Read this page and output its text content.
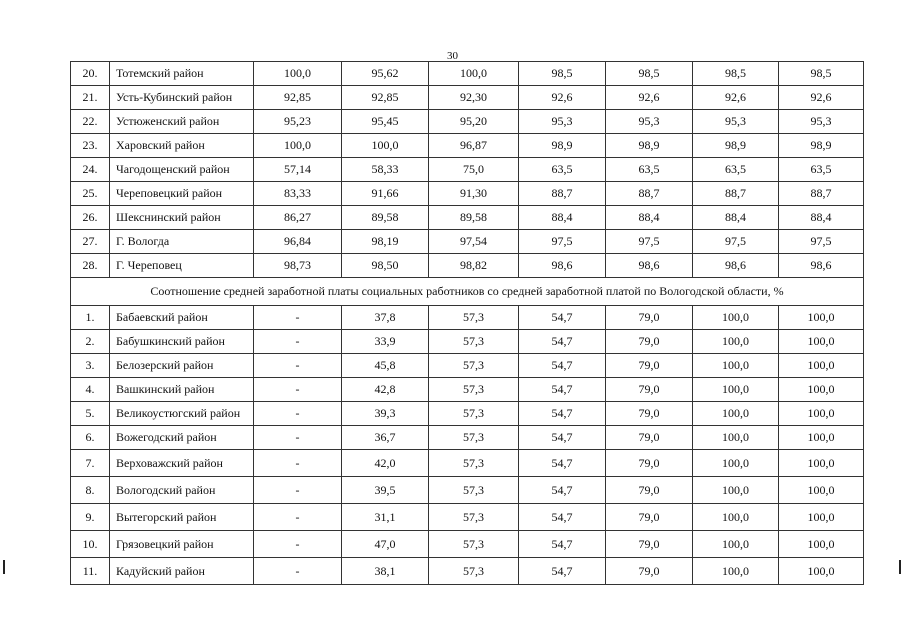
30
20.	Тотемский район	100,0	95,62	100,0	98,5	98,5	98,5	98,5
21.	Усть-Кубинский район	92,85	92,85	92,30	92,6	92,6	92,6	92,6
22.	Устюженский район	95,23	95,45	95,20	95,3	95,3	95,3	95,3
23.	Харовский район	100,0	100,0	96,87	98,9	98,9	98,9	98,9
24.	Чагодощенский район	57,14	58,33	75,0	63,5	63,5	63,5	63,5
25.	Череповецкий район	83,33	91,66	91,30	88,7	88,7	88,7	88,7
26.	Шекснинский район	86,27	89,58	89,58	88,4	88,4	88,4	88,4
27.	Г. Вологда	96,84	98,19	97,54	97,5	97,5	97,5	97,5
28.	Г. Череповец	98,73	98,50	98,82	98,6	98,6	98,6	98,6
Соотношение средней заработной платы социальных работников со средней заработной платой по Вологодской области, %								
1.	Бабаевский район	-	37,8	57,3	54,7	79,0	100,0	100,0
2.	Бабушкинский район	-	33,9	57,3	54,7	79,0	100,0	100,0
3.	Белозерский район	-	45,8	57,3	54,7	79,0	100,0	100,0
4.	Вашкинский район	-	42,8	57,3	54,7	79,0	100,0	100,0
5.	Великоустюгский район	-	39,3	57,3	54,7	79,0	100,0	100,0
6.	Вожегодский район	-	36,7	57,3	54,7	79,0	100,0	100,0
7.	Верховажский район	-	42,0	57,3	54,7	79,0	100,0	100,0
8.	Вологодский район	-	39,5	57,3	54,7	79,0	100,0	100,0
9.	Вытегорский район	-	31,1	57,3	54,7	79,0	100,0	100,0
10.	Грязовецкий район	-	47,0	57,3	54,7	79,0	100,0	100,0
11.	Кадуйский район	-	38,1	57,3	54,7	79,0	100,0	100,0
